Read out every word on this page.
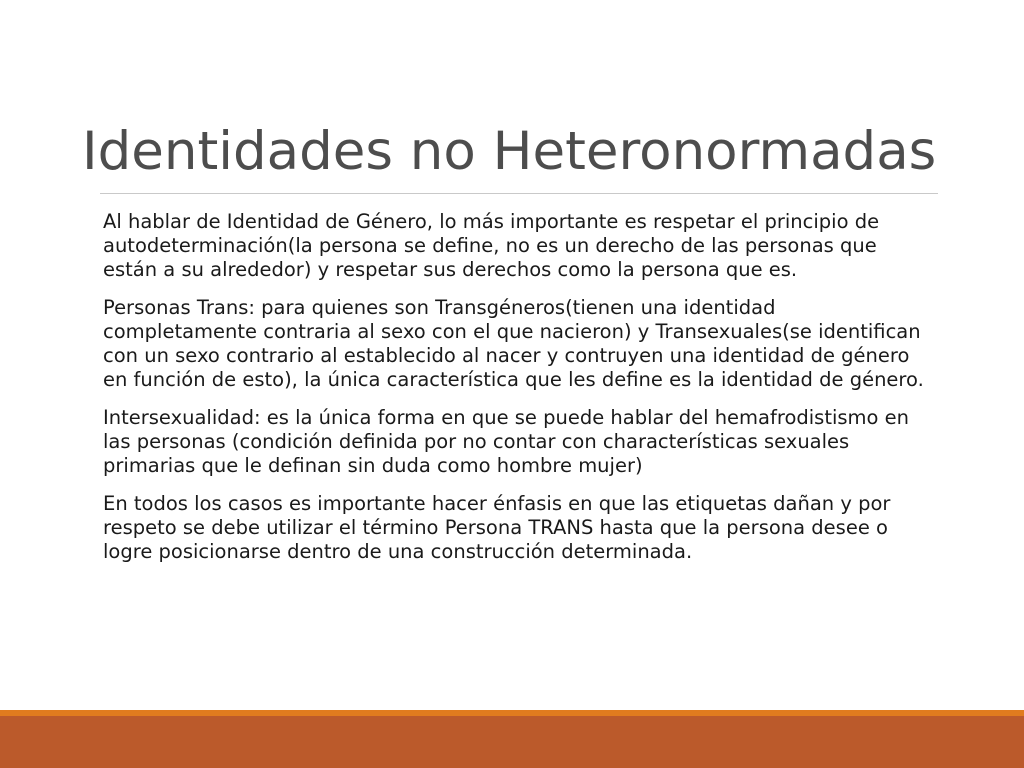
Identidades no Heteronormadas

Al hablar de Identidad de Género, lo más importante es respetar el principio de autodeterminación(la persona se define, no es un derecho de las personas que están a su alrededor) y respetar sus derechos como la persona que es.

Personas Trans: para quienes son Transgéneros(tienen una identidad completamente contraria al sexo con el que nacieron) y Transexuales(se identifican con un sexo contrario al establecido al nacer y contruyen una identidad de género en función de esto), la única característica que les define es la identidad de género.

Intersexualidad: es la única forma en que se puede hablar del hemafrodistismo en las personas (condición definida por no contar con characterísticas sexuales primarias que le definan sin duda como hombre mujer)

En todos los casos es importante hacer énfasis en que las etiquetas dañan y por respeto se debe utilizar el término Persona TRANS hasta que la persona desee o logre posicionarse dentro de una construcción determinada.
